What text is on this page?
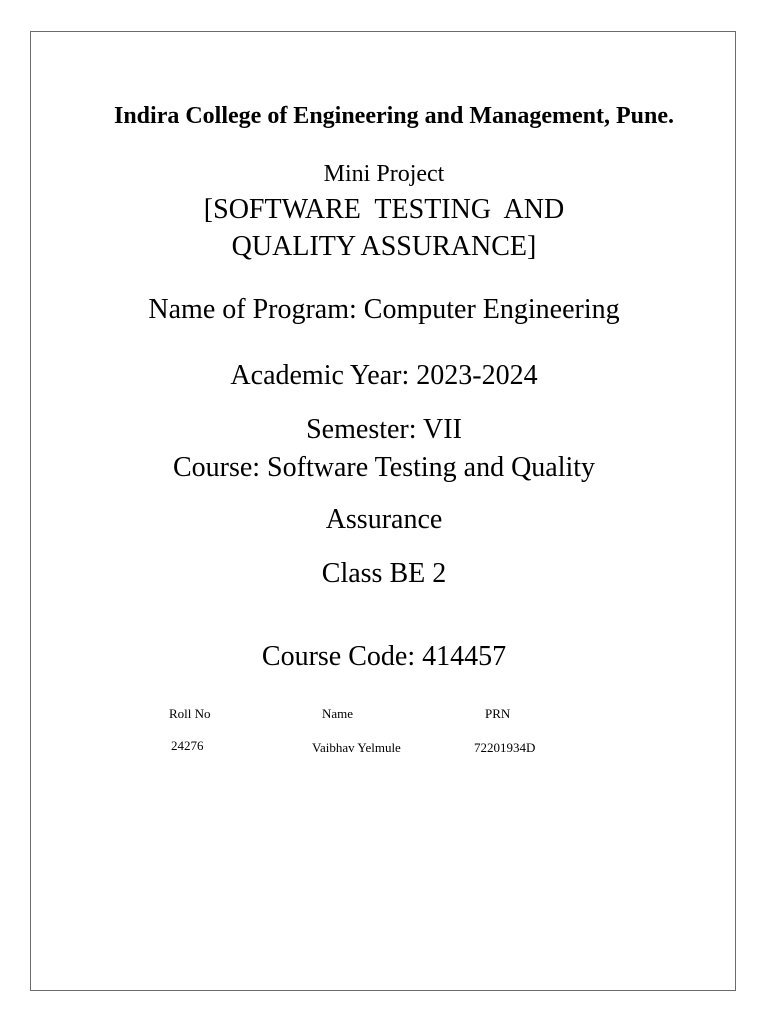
Indira College of Engineering and Management, Pune.
Mini Project
[SOFTWARE  TESTING  AND
QUALITY ASSURANCE]
Name of Program: Computer Engineering
Academic Year: 2023-2024
Semester: VII
Course: Software Testing and Quality
Assurance
Class BE 2
Course Code: 414457
Roll No	Name	PRN
24276	Vaibhav Yelmule	72201934D
